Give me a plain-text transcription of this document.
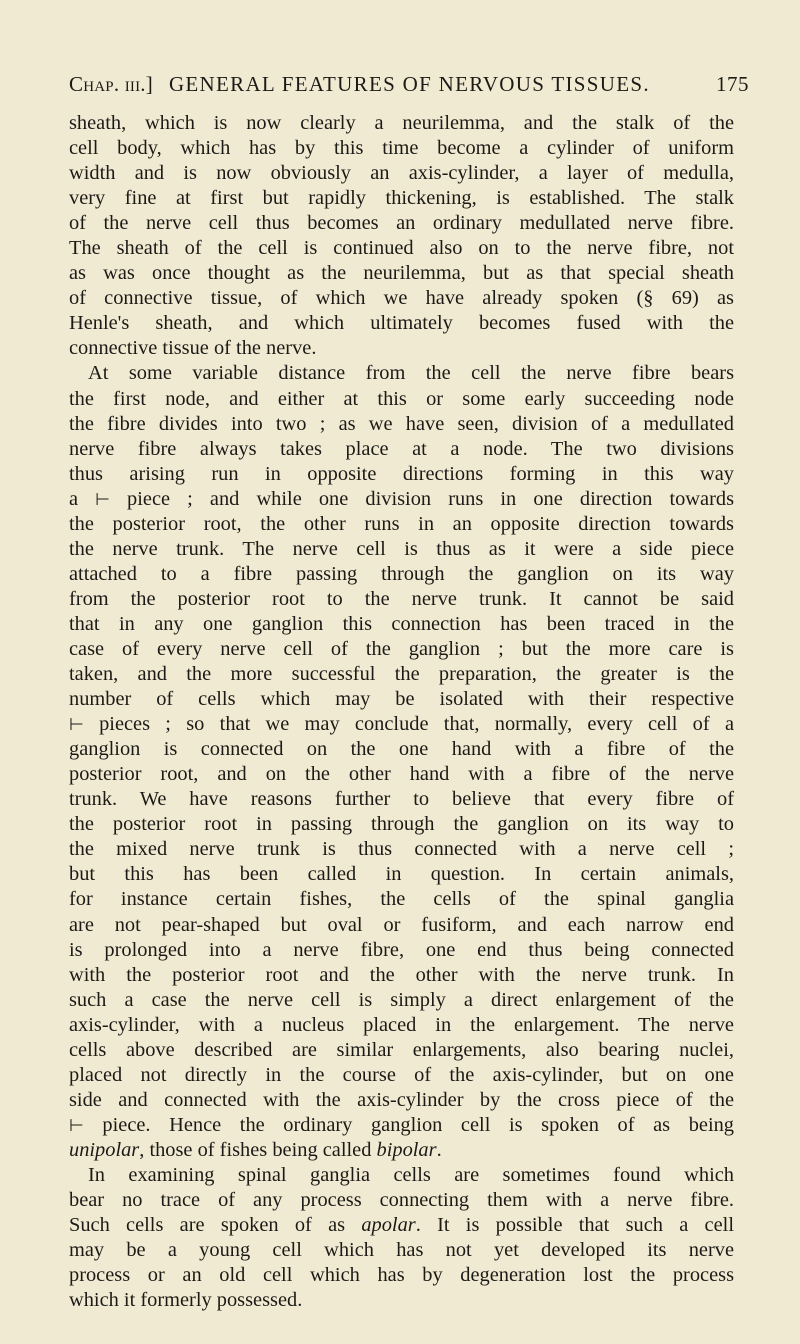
Chap. iii.] GENERAL FEATURES OF NERVOUS TISSUES.	175
sheath, which is now clearly a neurilemma, and the stalk of the
cell body, which has by this time become a cylinder of uniform
width and is now obviously an axis-cylinder, a layer of medulla,
very fine at first but rapidly thickening, is established. The stalk
of the nerve cell thus becomes an ordinary medullated nerve fibre.
The sheath of the cell is continued also on to the nerve fibre, not
as was once thought as the neurilemma, but as that special sheath
of connective tissue, of which we have already spoken (§ 69) as
Henle's sheath, and which ultimately becomes fused with the
connective tissue of the nerve.
At some variable distance from the cell the nerve fibre bears
the first node, and either at this or some early succeeding node
the fibre divides into two ; as we have seen, division of a medullated
nerve fibre always takes place at a node. The two divisions
thus arising run in opposite directions forming in this way
a ⊢ piece ; and while one division runs in one direction towards
the posterior root, the other runs in an opposite direction towards
the nerve trunk. The nerve cell is thus as it were a side piece
attached to a fibre passing through the ganglion on its way
from the posterior root to the nerve trunk. It cannot be said
that in any one ganglion this connection has been traced in the
case of every nerve cell of the ganglion ; but the more care is
taken, and the more successful the preparation, the greater is the
number of cells which may be isolated with their respective
⊢ pieces ; so that we may conclude that, normally, every cell of a
ganglion is connected on the one hand with a fibre of the
posterior root, and on the other hand with a fibre of the nerve
trunk. We have reasons further to believe that every fibre of
the posterior root in passing through the ganglion on its way to
the mixed nerve trunk is thus connected with a nerve cell ;
but this has been called in question. In certain animals,
for instance certain fishes, the cells of the spinal ganglia
are not pear-shaped but oval or fusiform, and each narrow end
is prolonged into a nerve fibre, one end thus being connected
with the posterior root and the other with the nerve trunk. In
such a case the nerve cell is simply a direct enlargement of the
axis-cylinder, with a nucleus placed in the enlargement. The nerve
cells above described are similar enlargements, also bearing nuclei,
placed not directly in the course of the axis-cylinder, but on one
side and connected with the axis-cylinder by the cross piece of the
⊢ piece. Hence the ordinary ganglion cell is spoken of as being
unipolar, those of fishes being called bipolar.
In examining spinal ganglia cells are sometimes found which
bear no trace of any process connecting them with a nerve fibre.
Such cells are spoken of as apolar. It is possible that such a cell
may be a young cell which has not yet developed its nerve
process or an old cell which has by degeneration lost the process
which it formerly possessed.
